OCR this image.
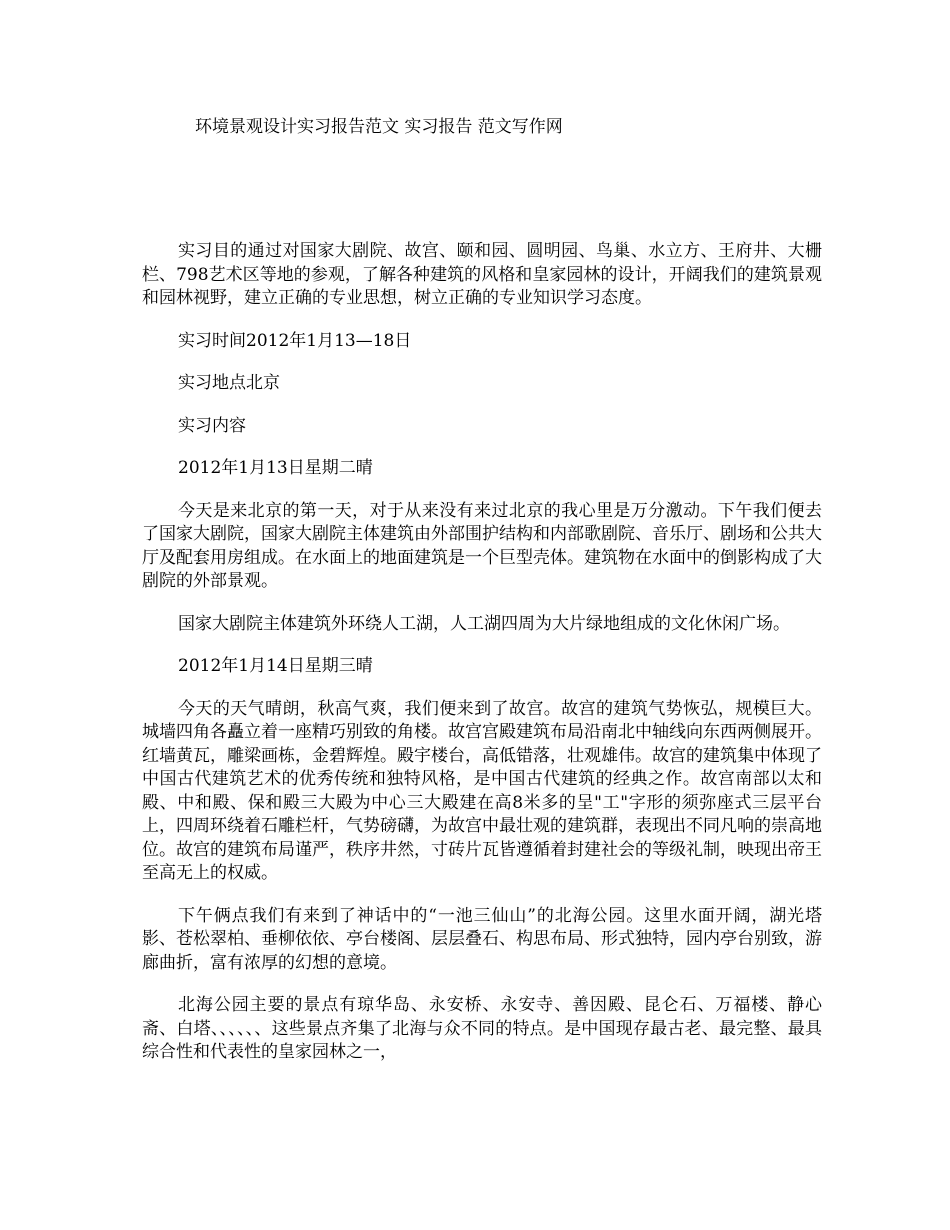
环境景观设计实习报告范文 实习报告 范文写作网

实习目的通过对国家大剧院、故宫、颐和园、圆明园、鸟巢、水立方、王府井、大栅栏、798艺术区等地的参观，了解各种建筑的风格和皇家园林的设计，开阔我们的建筑景观和园林视野，建立正确的专业思想，树立正确的专业知识学习态度。

实习时间2012年1月13—18日

实习地点北京

实习内容

2012年1月13日星期二晴

今天是来北京的第一天，对于从来没有来过北京的我心里是万分激动。下午我们便去了国家大剧院，国家大剧院主体建筑由外部围护结构和内部歌剧院、音乐厅、剧场和公共大厅及配套用房组成。在水面上的地面建筑是一个巨型壳体。建筑物在水面中的倒影构成了大剧院的外部景观。

国家大剧院主体建筑外环绕人工湖，人工湖四周为大片绿地组成的文化休闲广场。

2012年1月14日星期三晴

今天的天气晴朗，秋高气爽，我们便来到了故宫。故宫的建筑气势恢弘，规模巨大。城墙四角各矗立着一座精巧别致的角楼。故宫宫殿建筑布局沿南北中轴线向东西两侧展开。红墙黄瓦，雕梁画栋，金碧辉煌。殿宇楼台，高低错落，壮观雄伟。故宫的建筑集中体现了中国古代建筑艺术的优秀传统和独特风格，是中国古代建筑的经典之作。故宫南部以太和殿、中和殿、保和殿三大殿为中心三大殿建在高8米多的呈"工"字形的须弥座式三层平台上，四周环绕着石雕栏杆，气势磅礴，为故宫中最壮观的建筑群，表现出不同凡响的崇高地位。故宫的建筑布局谨严，秩序井然，寸砖片瓦皆遵循着封建社会的等级礼制，映现出帝王至高无上的权威。

下午俩点我们有来到了神话中的“一池三仙山”的北海公园。这里水面开阔，湖光塔影、苍松翠柏、垂柳依依、亭台楼阁、层层叠石、构思布局、形式独特，园内亭台别致，游廊曲折，富有浓厚的幻想的意境。

北海公园主要的景点有琼华岛、永安桥、永安寺、善因殿、昆仑石、万福楼、静心斋、白塔、、、、、、这些景点齐集了北海与众不同的特点。是中国现存最古老、最完整、最具综合性和代表性的皇家园林之一，
